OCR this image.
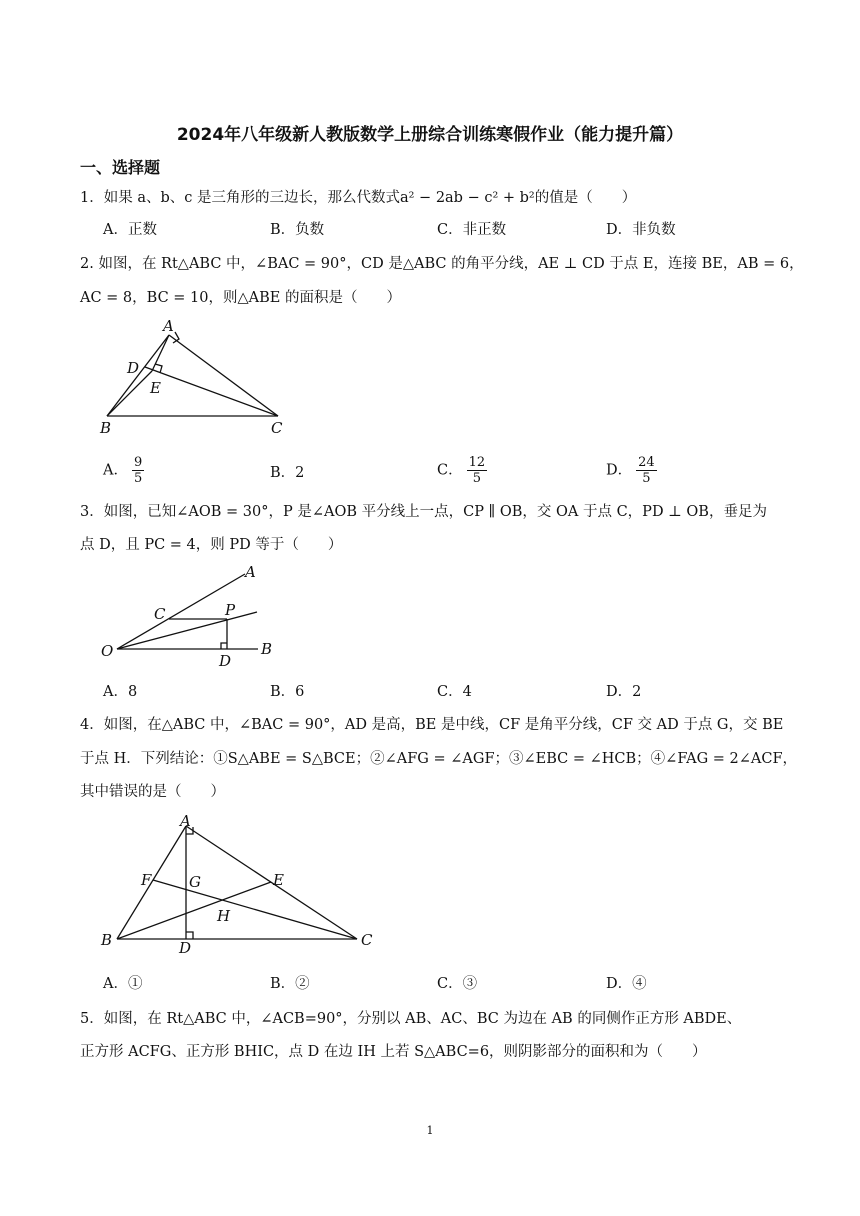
2024年八年级新人教版数学上册综合训练寒假作业（能力提升篇）
一、选择题
1．如果 a、b、c 是三角形的三边长，那么代数式a² − 2ab − c² + b²的值是（　　）
A．正数	B．负数	C．非正数	D．非负数
2. 如图，在 Rt△ABC 中，∠BAC = 90°，CD 是△ABC 的角平分线，AE ⊥ CD 于点 E，连接 BE，AB = 6，
AC = 8，BC = 10，则△ABE 的面积是（　　）
A
D
E
B	C
A． $\frac{9}{5}$	B．2	C． $\frac{12}{5}$	D． $\frac{24}{5}$
3．如图，已知∠AOB = 30°，P 是∠AOB 平分线上一点，CP ∥ OB，交 OA 于点 C，PD ⊥ OB，垂足为
点 D，且 PC = 4，则 PD 等于（　　）
A
C	P
O
D
B
A．8	B．6	C．4	D．2
4．如图，在△ABC 中，∠BAC = 90°，AD 是高，BE 是中线，CF 是角平分线，CF 交 AD 于点 G，交 BE
于点 H．下列结论：①S△ABE = S△BCE；②∠AFG = ∠AGF；③∠EBC = ∠HCB；④∠FAG = 2∠ACF，
其中错误的是（　　）
A
F	G	E
H
B	D	C
A．①	B．②	C．③	D．④
5．如图，在 Rt△ABC 中，∠ACB=90°，分别以 AB、AC、BC 为边在 AB 的同侧作正方形 ABDE、
正方形 ACFG、正方形 BHIC，点 D 在边 IH 上若 S△ABC=6，则阴影部分的面积和为（　　）
1
